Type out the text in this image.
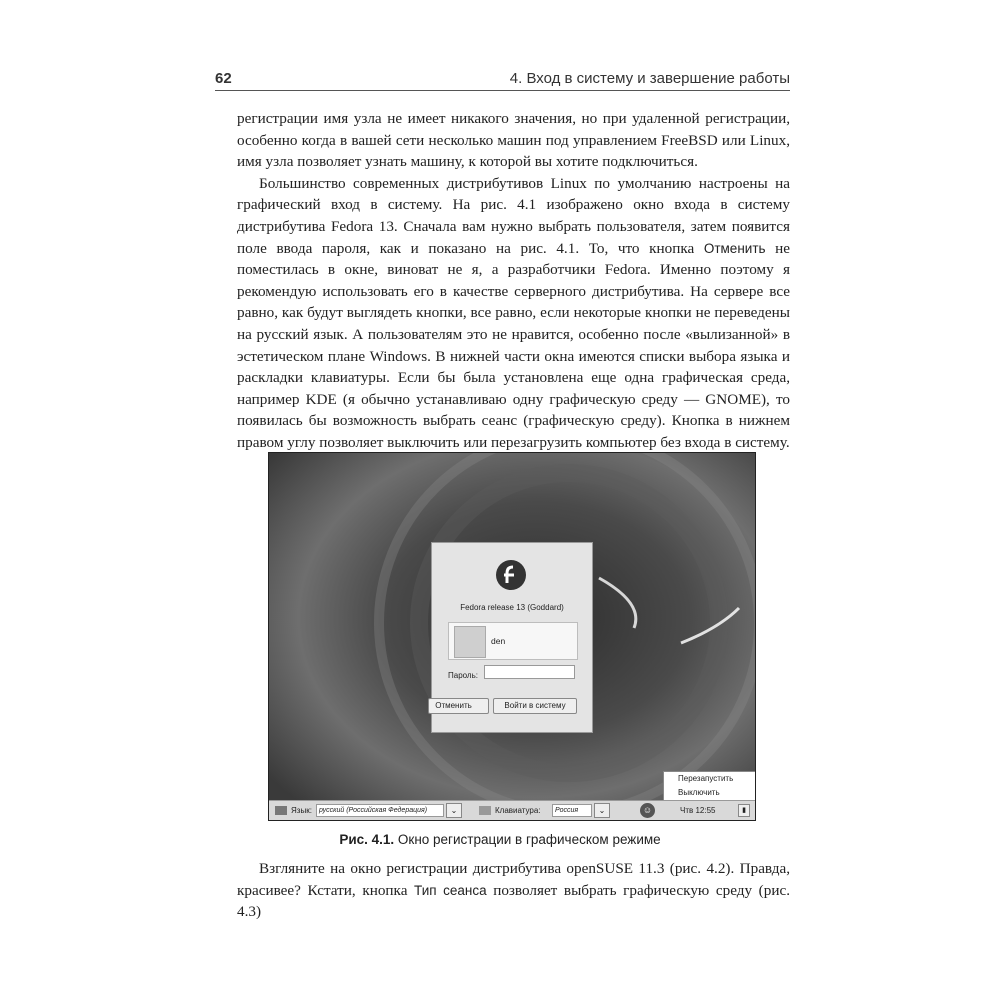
62	4. Вход в систему и завершение работы

регистрации имя узла не имеет никакого значения, но при удаленной регистрации, особенно когда в вашей сети несколько машин под управлением FreeBSD или Linux, имя узла позволяет узнать машину, к которой вы хотите подключиться.

Большинство современных дистрибутивов Linux по умолчанию настроены на графический вход в систему. На рис. 4.1 изображено окно входа в систему дистрибутива Fedora 13. Сначала вам нужно выбрать пользователя, затем появится поле ввода пароля, как и показано на рис. 4.1. То, что кнопка Отменить не поместилась в окне, виноват не я, а разработчики Fedora. Именно поэтому я рекомендую использовать его в качестве серверного дистрибутива. На сервере все равно, как будут выглядеть кнопки, все равно, если некоторые кнопки не переведены на русский язык. А пользователям это не нравится, особенно после «вылизанной» в эстетическом плане Windows. В нижней части окна имеются списки выбора языка и раскладки клавиатуры. Если бы была установлена еще одна графическая среда, например KDE (я обычно устанавливаю одну графическую среду — GNOME), то появилась бы возможность выбрать сеанс (графическую среду). Кнопка в нижнем правом углу позволяет выключить или перезагрузить компьютер без входа в систему.

Fedora release 13 (Goddard)
den
Пароль:
Отменить	Войти в систему
Перезапустить
Выключить
Язык:	русский (Российская Федерация)	⌄	Клавиатура:	Россия	⌄	☺	Чтв 12:55	▮
Рис. 4.1. Окно регистрации в графическом режиме

Взгляните на окно регистрации дистрибутива openSUSE 11.3 (рис. 4.2). Правда, красивее? Кстати, кнопка Тип сеанса позволяет выбрать графическую среду (рис. 4.3)
